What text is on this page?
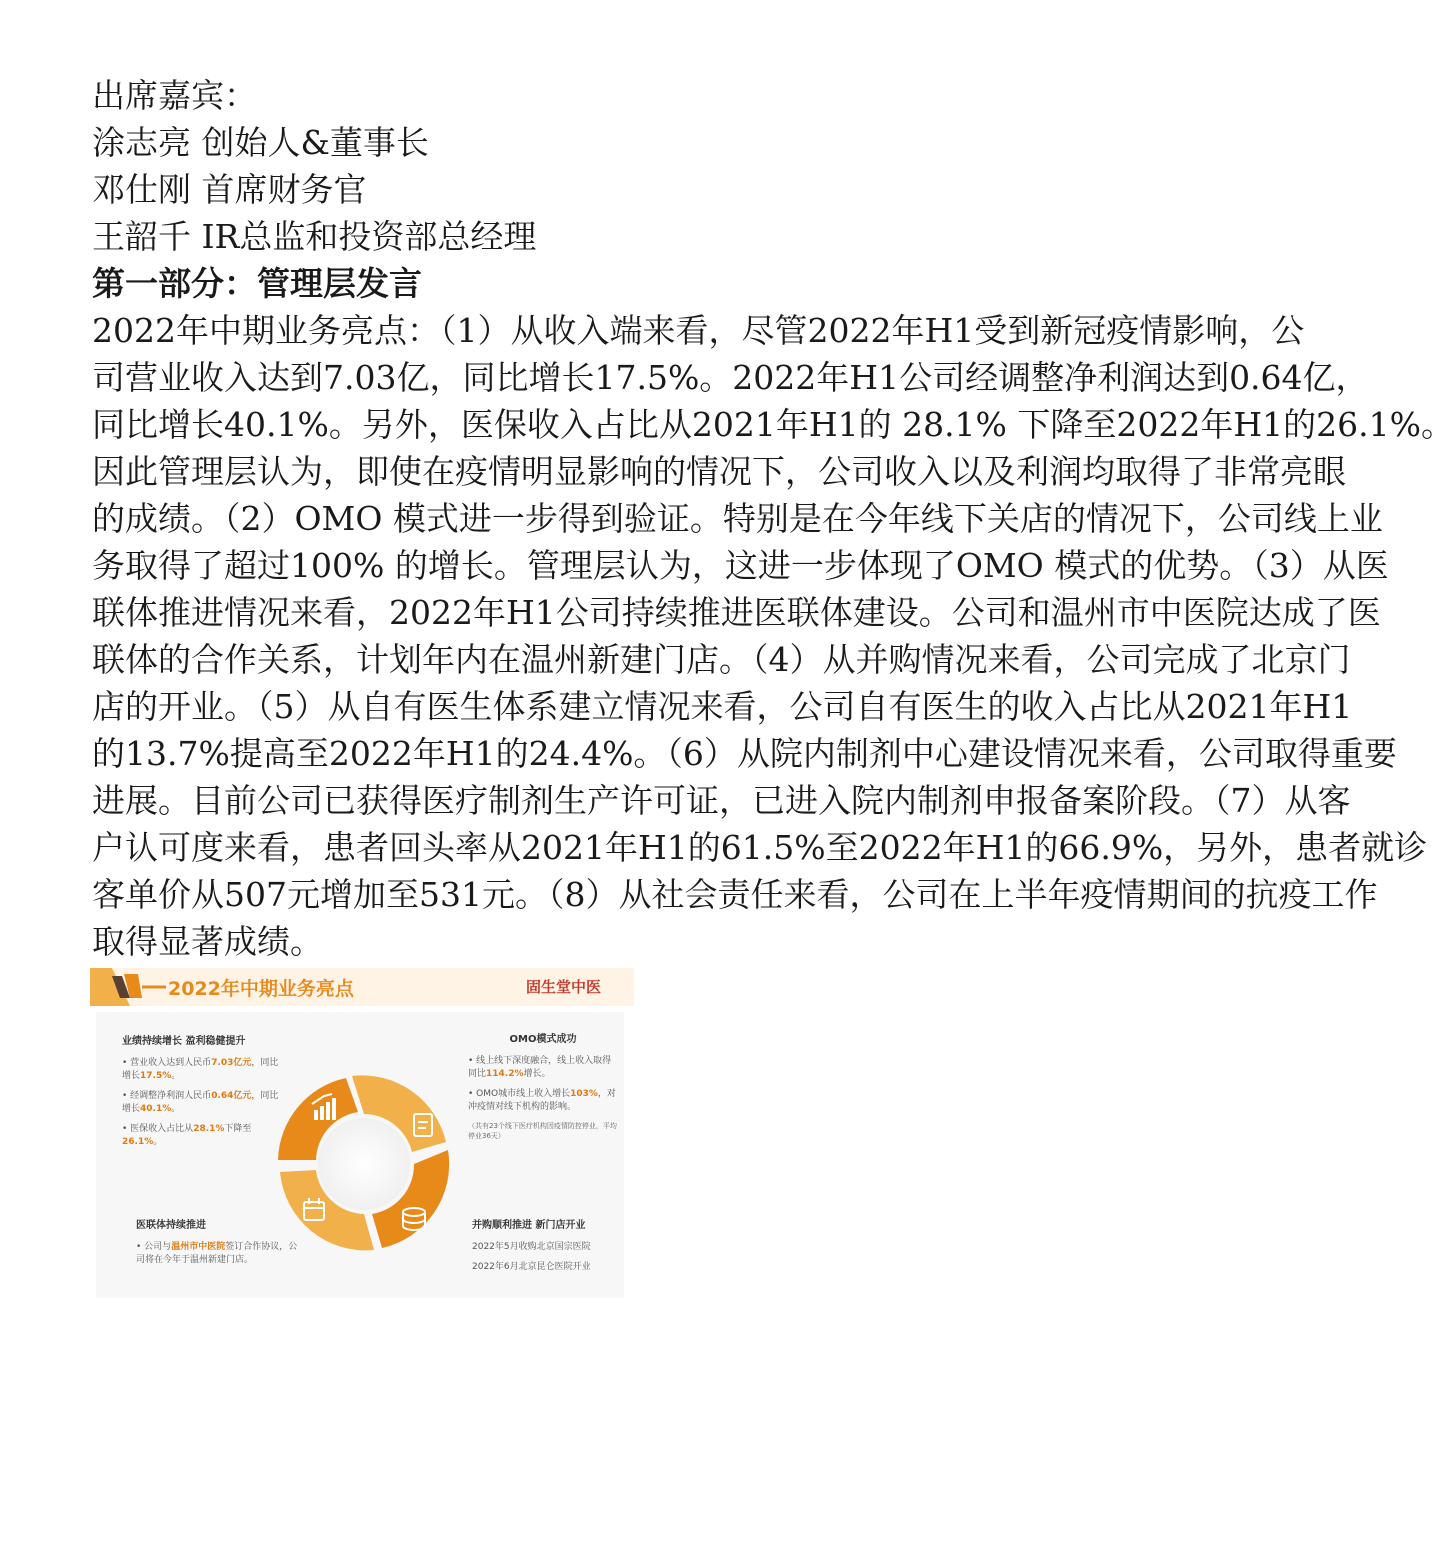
出席嘉宾：
涂志亮 创始人&董事长
邓仕刚 首席财务官
王韶千 IR总监和投资部总经理
第一部分：管理层发言
2022年中期业务亮点：（1）从收入端来看，尽管2022年H1受到新冠疫情影响，公
司营业收入达到7.03亿，同比增长17.5%。2022年H1公司经调整净利润达到0.64亿，
同比增长40.1%。另外，医保收入占比从2021年H1的 28.1% 下降至2022年H1的26.1%。
因此管理层认为，即使在疫情明显影响的情况下，公司收入以及利润均取得了非常亮眼
的成绩。（2）OMO 模式进一步得到验证。特别是在今年线下关店的情况下，公司线上业
务取得了超过100% 的增长。管理层认为，这进一步体现了OMO 模式的优势。（3）从医
联体推进情况来看，2022年H1公司持续推进医联体建设。公司和温州市中医院达成了医
联体的合作关系，计划年内在温州新建门店。（4）从并购情况来看，公司完成了北京门
店的开业。（5）从自有医生体系建立情况来看，公司自有医生的收入占比从2021年H1
的13.7%提高至2022年H1的24.4%。（6）从院内制剂中心建设情况来看，公司取得重要
进展。目前公司已获得医疗制剂生产许可证，已进入院内制剂申报备案阶段。（7）从客
户认可度来看，患者回头率从2021年H1的61.5%至2022年H1的66.9%，另外，患者就诊
客单价从507元增加至531元。（8）从社会责任来看，公司在上半年疫情期间的抗疫工作
取得显著成绩。
2022年中期业务亮点	固生堂中医
业绩持续增长 盈利稳健提升
• 营业收入达到人民币7.03亿元，同比增长17.5%。
• 经调整净利润人民币0.64亿元，同比增长40.1%。
• 医保收入占比从28.1%下降至26.1%。
OMO模式成功
• 线上线下深度融合，线上收入取得同比114.2%增长。
• OMO城市线上收入增长103%，对冲疫情对线下机构的影响。
（共有23个线下医疗机构因疫情防控停业，平均停业36天）
医联体持续推进
• 公司与温州市中医院签订合作协议，公司将在今年于温州新建门店。
并购顺利推进 新门店开业
2022年5月收购北京国宗医院
2022年6月北京昆仑医院开业
